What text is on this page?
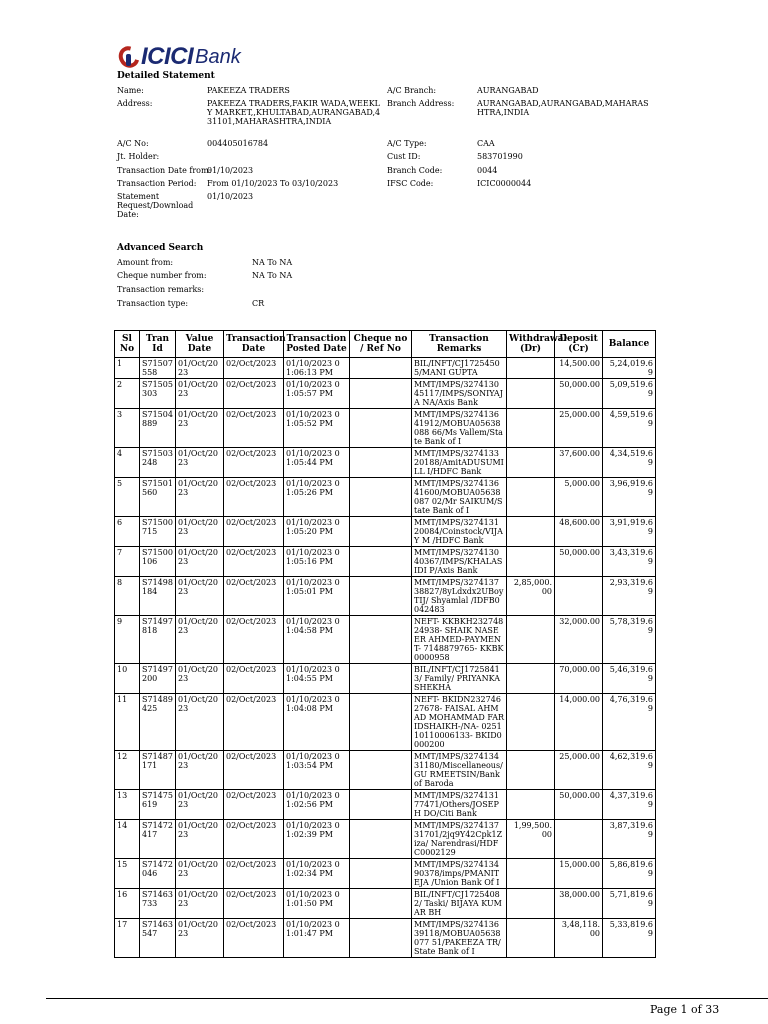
ICICI Bank
Detailed Statement
Name:	PAKEEZA TRADERS
Address:	PAKEEZA TRADERS,FAKIR WADA,WEEKLY MARKET,,KHULTABAD,AURANGABAD,431101,MAHARASHTRA,INDIA
A/C No:	004405016784
Jt. Holder:
Transaction Date from:
01/10/2023
Transaction Period: From 01/10/2023 To 03/10/2023
Statement Request/Download Date:
01/10/2023
A/C Branch:	AURANGABAD
Branch Address:	AURANGABAD,AURANGABAD,MAHARASHTRA,INDIA
A/C Type:	CAA
Cust ID:	583701990
Branch Code:	0044
IFSC Code:	ICIC0000044
Advanced Search
Amount from:	NA To NA
Cheque number from:	NA To NA
Transaction remarks:
Transaction type:	CR
Sl No	Tran Id	Value Date	Transaction Date	Transaction Posted Date	Cheque no / Ref No	Transaction Remarks	Withdrawal (Dr)	Deposit (Cr)	Balance
1	S71507558	01/Oct/2023	02/Oct/2023	01/10/2023 01:06:13 PM		BIL/INFT/CJ17254505/MANI GUPTA		14,500.00	5,24,019.69
2	S71505303	01/Oct/2023	02/Oct/2023	01/10/2023 01:05:57 PM		MMT/IMPS/327413045117/IMPS/SONIYAJA NA/Axis Bank		50,000.00	5,09,519.69
3	S71504889	01/Oct/2023	02/Oct/2023	01/10/2023 01:05:52 PM		MMT/IMPS/327413641912/MOBUA05638088 66/Ms Vallem/State Bank of I		25,000.00	4,59,519.69
4	S71503248	01/Oct/2023	02/Oct/2023	01/10/2023 01:05:44 PM		MMT/IMPS/327413320188/AmitADUSUMILL I/HDFC Bank		37,600.00	4,34,519.69
5	S71501560	01/Oct/2023	02/Oct/2023	01/10/2023 01:05:26 PM		MMT/IMPS/327413641600/MOBUA05638087 02/Mr SAIKUM/State Bank of I		5,000.00	3,96,919.69
6	S71500715	01/Oct/2023	02/Oct/2023	01/10/2023 01:05:20 PM		MMT/IMPS/327413120084/Coinstock/VIJAY M /HDFC Bank		48,600.00	3,91,919.69
7	S71500106	01/Oct/2023	02/Oct/2023	01/10/2023 01:05:16 PM		MMT/IMPS/327413040367/IMPS/KHALASIDI P/Axis Bank		50,000.00	3,43,319.69
8	S71498184	01/Oct/2023	02/Oct/2023	01/10/2023 01:05:01 PM		MMT/IMPS/327413738827/8yLdxdx2UBoyTIJ/ Shyamlal /IDFB0042483	2,85,000.00		2,93,319.69
9	S71497818	01/Oct/2023	02/Oct/2023	01/10/2023 01:04:58 PM		NEFT- KKBKH23274824938- SHAIK NASEER AHMED-PAYMENT- 7148879765- KKBK0000958		32,000.00	5,78,319.69
10	S71497200	01/Oct/2023	02/Oct/2023	01/10/2023 01:04:55 PM		BIL/INFT/CJ17258413/ Family/ PRIYANKA SHEKHA		70,000.00	5,46,319.69
11	S71489425	01/Oct/2023	02/Oct/2023	01/10/2023 01:04:08 PM		NEFT- BKIDN23274627678- FAISAL AHMAD MOHAMMAD FARIDSHAIKH-/NA- 025110110006133- BKID0000200		14,000.00	4,76,319.69
12	S71487171	01/Oct/2023	02/Oct/2023	01/10/2023 01:03:54 PM		MMT/IMPS/327413431180/Miscellaneous/GU RMEETSIN/Bank of Baroda		25,000.00	4,62,319.69
13	S71475619	01/Oct/2023	02/Oct/2023	01/10/2023 01:02:56 PM		MMT/IMPS/327413177471/Others/JOSEPH DO/Citi Bank		50,000.00	4,37,319.69
14	S71472417	01/Oct/2023	02/Oct/2023	01/10/2023 01:02:39 PM		MMT/IMPS/327413731701/2jq9Y42Cpk1Ziza/ Narendrasi/HDFC0002129	1,99,500.00		3,87,319.69
15	S71472046	01/Oct/2023	02/Oct/2023	01/10/2023 01:02:34 PM		MMT/IMPS/327413490378/imps/PMANITEJA /Union Bank Of I		15,000.00	5,86,819.69
16	S71463733	01/Oct/2023	02/Oct/2023	01/10/2023 01:01:50 PM		BIL/INFT/CJ17254082/ Taski/ BIJAYA KUMAR BH		38,000.00	5,71,819.69
17	S71463547	01/Oct/2023	02/Oct/2023	01/10/2023 01:01:47 PM		MMT/IMPS/327413639118/MOBUA05638077 51/PAKEEZA TR/State Bank of I		3,48,118.00	5,33,819.69
Page 1 of 33
